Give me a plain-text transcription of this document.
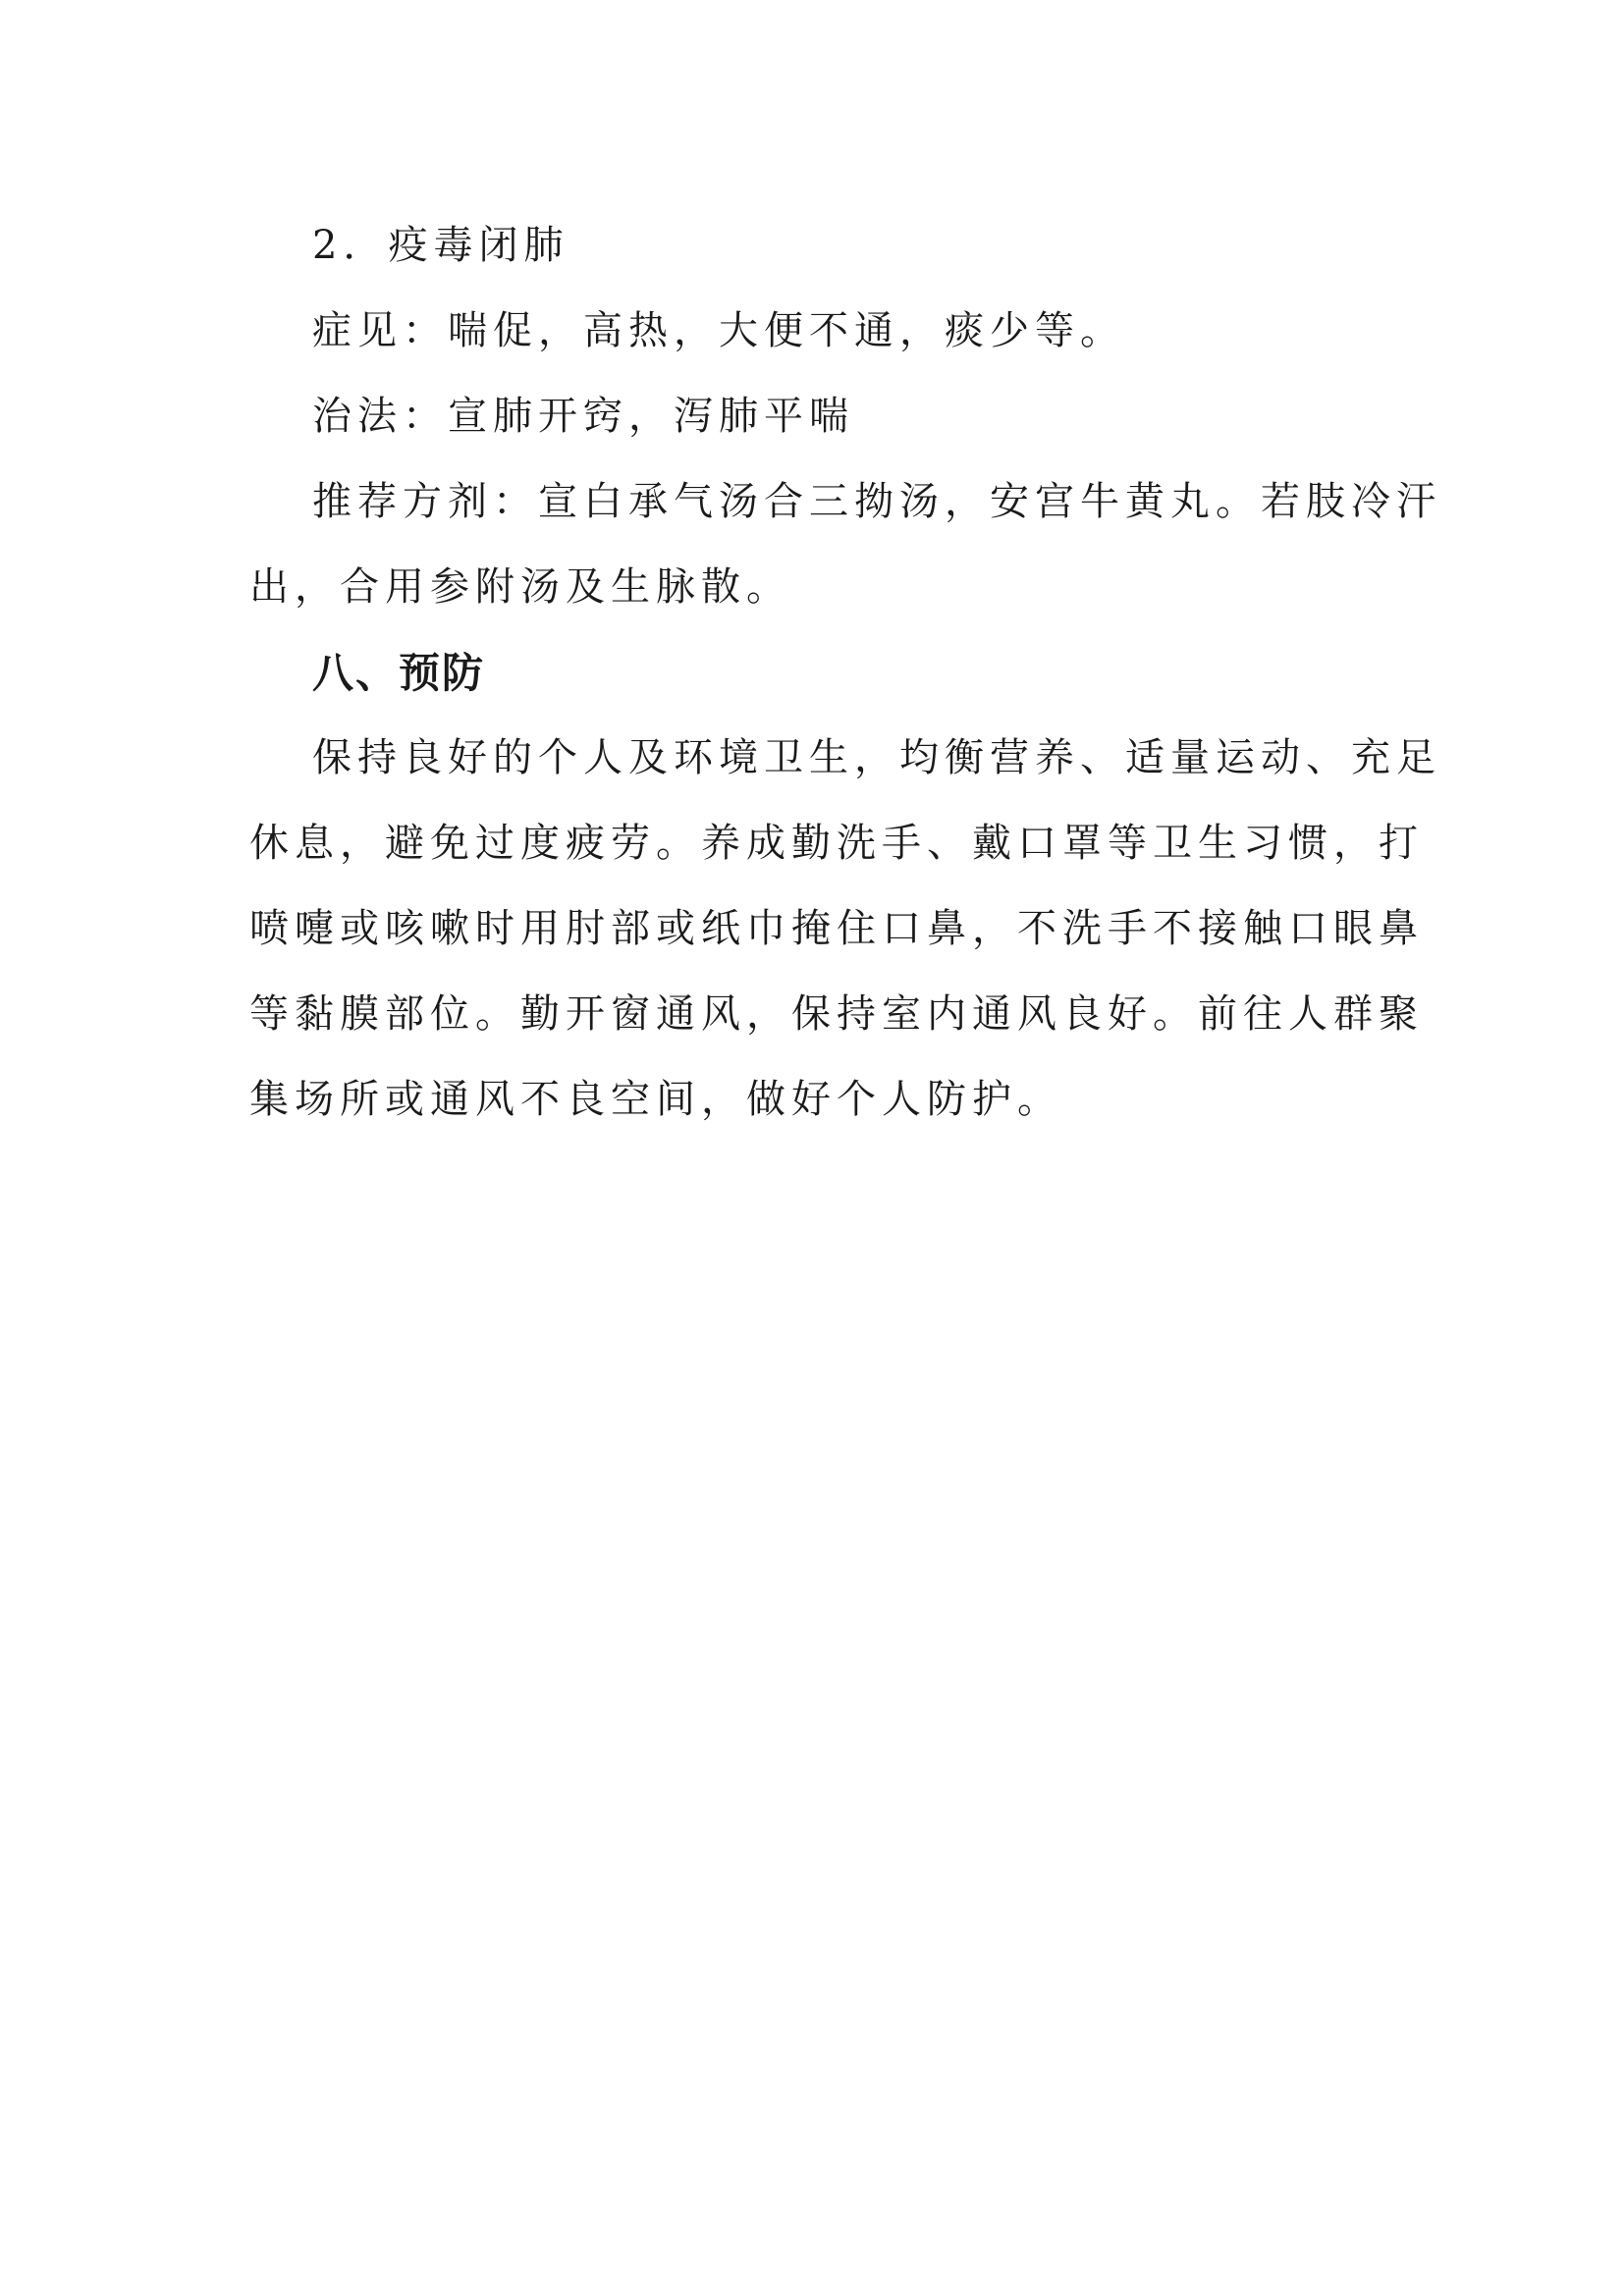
2．疫毒闭肺
症见：喘促，高热，大便不通，痰少等。
治法：宣肺开窍，泻肺平喘
推荐方剂：宣白承气汤合三拗汤，安宫牛黄丸。若肢冷汗
出，合用参附汤及生脉散。
八、预防
保持良好的个人及环境卫生，均衡营养、适量运动、充足
休息，避免过度疲劳。养成勤洗手、戴口罩等卫生习惯，打
喷嚏或咳嗽时用肘部或纸巾掩住口鼻，不洗手不接触口眼鼻
等黏膜部位。勤开窗通风，保持室内通风良好。前往人群聚
集场所或通风不良空间，做好个人防护。
